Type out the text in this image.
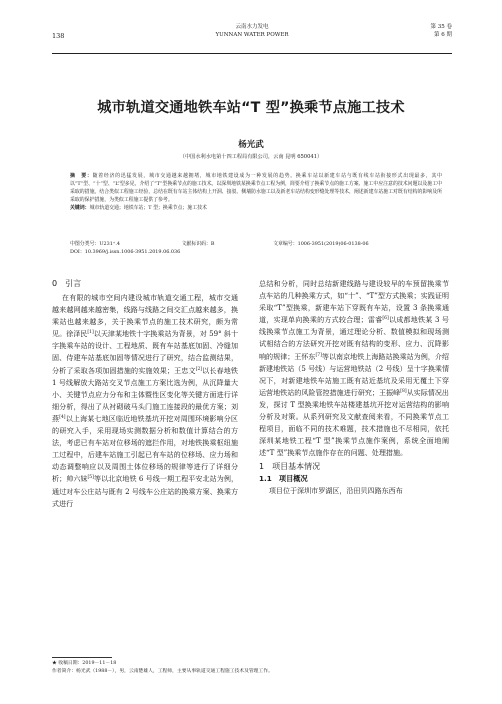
138
云南水力发电
YUNNAN WATER POWER
第 35 卷
第 6 期
城市轨道交通地铁车站“T 型”换乘节点施工技术
杨光武
（中国水利水电第十四工程局有限公司，云南 昆明 650041）

摘　要：随着经济的迅猛发展，城市交通越来越拥堵，城市地铁建设成为一种发展的趋势。换乘车站以新建车站与既有线车站衔接形式出现最多，其中以“T”型、“十”型、“L”型多见，介绍了“T”型换乘节点的施工技术。以深圳地铁某换乘节点工程为例，简要介绍了换乘节点的施工方案、施工中应注意的技术问题以及施工中采取的措施。结合类似工程施工经验，总结在既有车站主体结构上开洞、接驳、侧墙防水施工以及新老车站结构变形缝处理等技术，阐述新建车站施工对既有结构的影响及所采取的保护措施，为类似工程施工提供了参考。

关键词：城市轨道交通；地铁车站；T 型；换乘节点；施工技术

中图分类号：U231⁺.4	文献标识码：B	文章编号：1006-3951(2019)06-0138-06
DOI：10.3969/j.issn.1006-3951.2019.06.036
0　引言

在有限的城市空间内建设城市轨道交通工程，城市交通越来越网越来越密集，线路与线路之间交汇点越来越多，换乘站也越来越多，关于换乘节点的施工技术研究，颇为常见。徐泽民[1]以天津某地铁十字换乘站为背景，对 59° 斜十字换乘车站的设计、工程地质、既有车站基底加固、冷缝加固、侍建车站基底加固等情况进行了研究，结合监测结果，分析了采取各项加固措施的实施效果；王忠文[2]以长春地铁 1 号线解放大路站交叉节点施工方案比选为例，从沉降量大小、关键节点应力分布和主体暨性区变化等关键方面进行详细分析，得出了从衬砌破马头门施工连接段的最优方案；刘燕[4]以上海某七地区临近地铁基坑开挖对周围环境影响分区的研究入手，采用现场实测数据分析和数值计算结合的方法，考虑已有车站对位移场的遮拦作用，对地铁换乘枢纽施工过程中，后建车站施工引起已有车站的位移场、应力场和动态调整响应以及周围土体位移场的规律等进行了详细分析；帅六妹[5]等以北京地铁 6 号线一期工程平安北站为例，通过对车公庄站与既有 2 号线车公庄站的换乘方案、换乘方式进行

总结和分析，同时总结新建线路与建设较早的车预留换乘节点车站的几种换乘方式，如“十”、“T”型方式换乘；实践证明采取“T”型换乘，新建车站下穿既有车站，设置 3 条换乘通道，实现单向换乘的方式较合理；雷睿[6]以成都地铁某 3 号线换乘节点施工为背景，通过理论分析、数值模拟和现场测试相结合的方法研究开挖对既有结构的变形、应力、沉降影响的规律；王怀东[7]等以南京地铁上海路站换乘站为例，介绍新建地铁站（5 号线）与运营地铁站（2 号线）呈十字换乘情况下，对新建地铁车站施工既有站近基坑及采用无覆土下穿运营地铁站的风险管控措施进行研究；王振峰[8]从实际情况出发，探讨 T 型换乘地铁车站楼建基坑开挖对运营结构的影响分析及对策。从系列研究及文献查阅来看，不同换乘节点工程项目，面临不同的技术难题，技术措施也不尽相同，依托深圳某地铁工程“T 型”换乘节点施作案例，系统全面地阐述“T 型”换乘节点施作存在的问题、处理措施。

1　项目基本情况
1.1　项目概况

项目位于深圳市罗湖区，沿田贝四路东西布

★ 收稿日期：2019－11－18
作者简介：杨光武（1988－），男，云南楚雄人，工程师，主要从事轨道交通工程施工技术及管理工作。
